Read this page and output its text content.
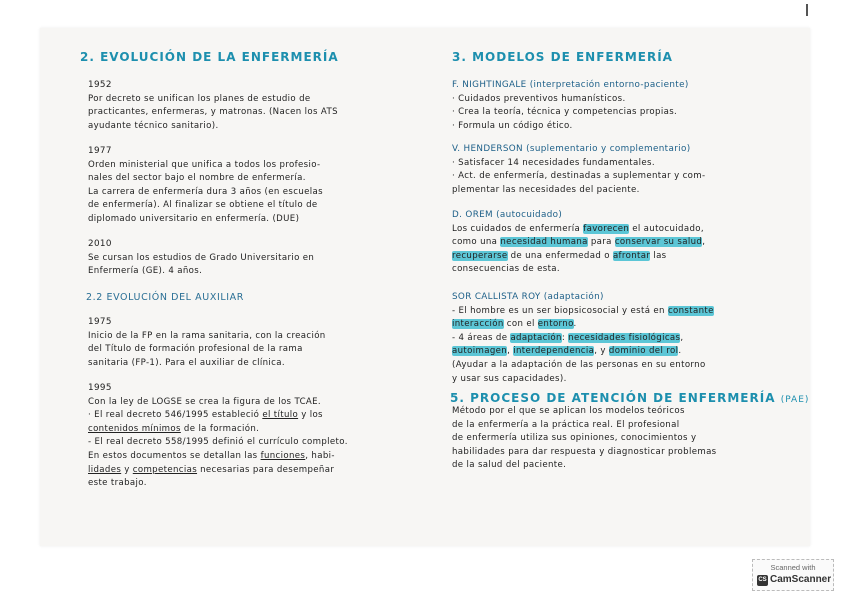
2. EVOLUCIÓN DE LA ENFERMERÍA
1952
Por decreto se unifican los planes de estudio de
practicantes, enfermeras, y matronas. (Nacen los ATS
ayudante técnico sanitario).
1977
Orden ministerial que unifica a todos los profesio-
nales del sector bajo el nombre de enfermería.
La carrera de enfermería dura 3 años (en escuelas
de enfermería). Al finalizar se obtiene el título de
diplomado universitario en enfermería. (DUE)
2010
Se cursan los estudios de Grado Universitario en
Enfermería (GE). 4 años.
2.2 EVOLUCIÓN DEL AUXILIAR
1975
Inicio de la FP en la rama sanitaria, con la creación
del Título de formación profesional de la rama
sanitaria (FP-1). Para el auxiliar de clínica.
1995
Con la ley de LOGSE se crea la figura de los TCAE.
· El real decreto 546/1995 estableció el título y los
contenidos mínimos de la formación.
- El real decreto 558/1995 definió el currículo completo.
En estos documentos se detallan las funciones, habi-
lidades y competencias necesarias para desempeñar
este trabajo.
3. MODELOS DE ENFERMERÍA
F. NIGHTINGALE (interpretación entorno-paciente)
· Cuidados preventivos humanísticos.
· Crea la teoría, técnica y competencias propias.
· Formula un código ético.
V. HENDERSON (suplementario y complementario)
· Satisfacer 14 necesidades fundamentales.
· Act. de enfermería, destinadas a suplementar y com-
plementar las necesidades del paciente.
D. OREM (autocuidado)
Los cuidados de enfermería favorecen el autocuidado,
como una necesidad humana para conservar su salud,
recuperarse de una enfermedad o afrontar las
consecuencias de esta.
SOR CALLISTA ROY (adaptación)
- El hombre es un ser biopsicosocial y está en constante
interacción con el entorno.
- 4 áreas de adaptación: necesidades fisiológicas,
autoimagen, interdependencia, y dominio del rol.
(Ayudar a la adaptación de las personas en su entorno
y usar sus capacidades).
5. PROCESO DE ATENCIÓN DE ENFERMERÍA (PAE)
Método por el que se aplican los modelos teóricos
de la enfermería a la práctica real. El profesional
de enfermería utiliza sus opiniones, conocimientos y
habilidades para dar respuesta y diagnosticar problemas
de la salud del paciente.
Scanned with
CS CamScanner
